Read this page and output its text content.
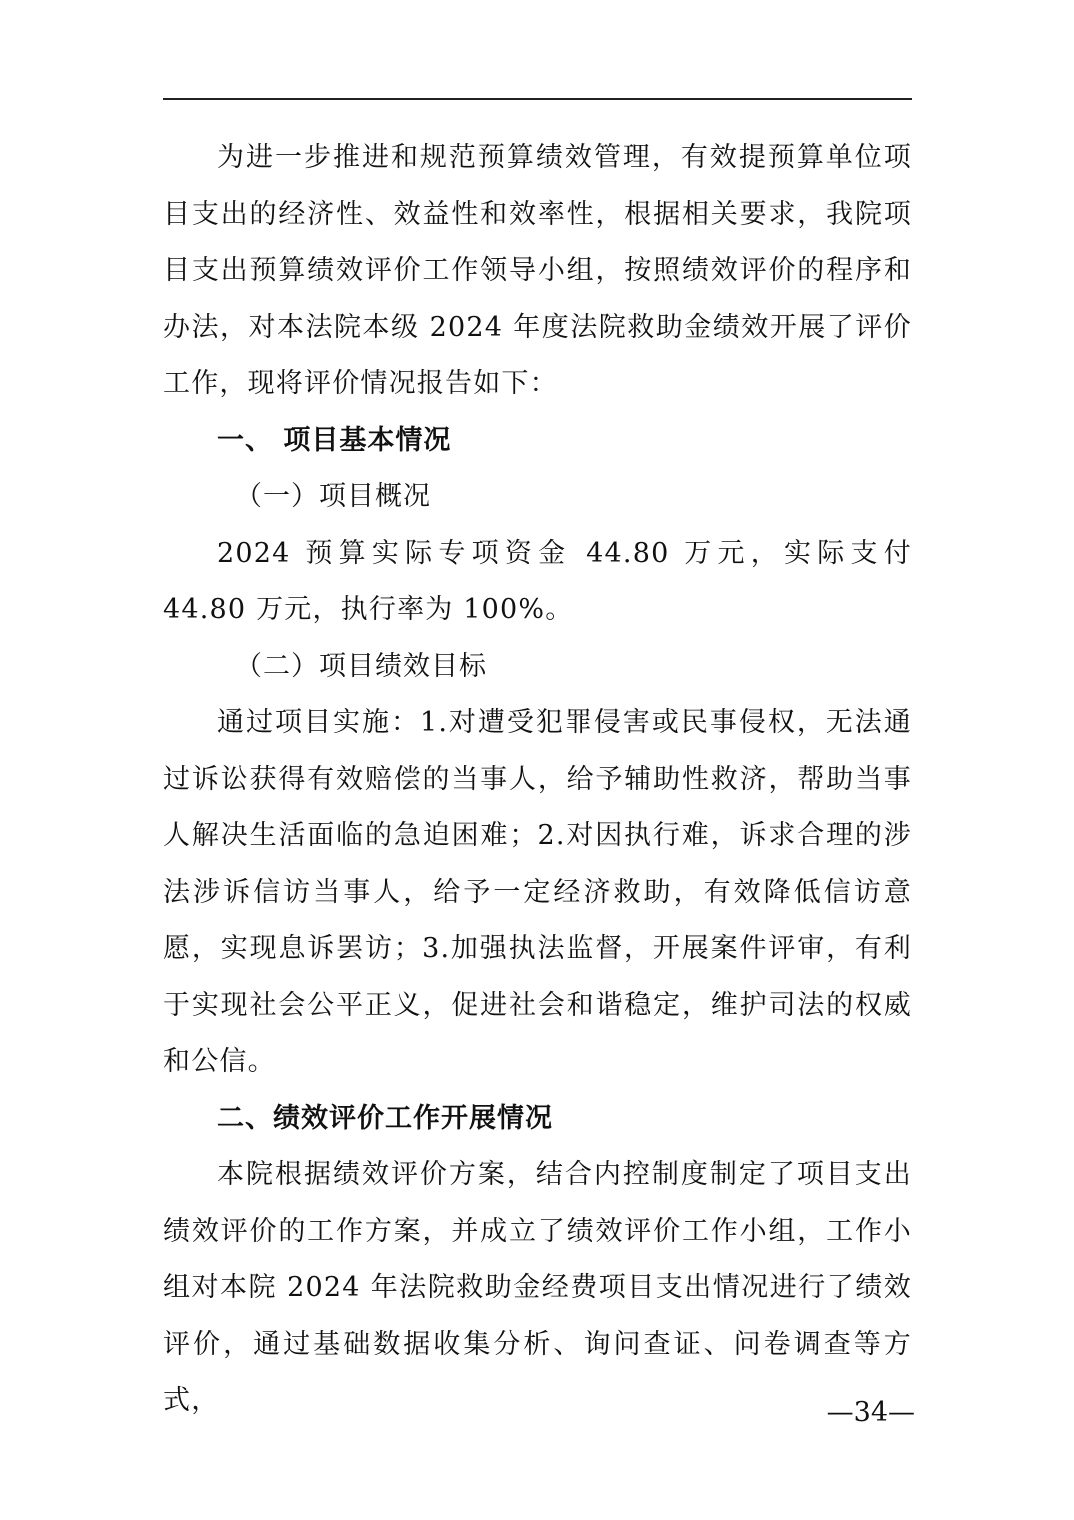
为进一步推进和规范预算绩效管理，有效提预算单位项目支出的经济性、效益性和效率性，根据相关要求，我院项目支出预算绩效评价工作领导小组，按照绩效评价的程序和办法，对本法院本级 2024 年度法院救助金绩效开展了评价工作，现将评价情况报告如下：

一、 项目基本情况

（一）项目概况

2024 预算实际专项资金 44.80 万元，实际支付 44.80 万元，执行率为 100%。

（二）项目绩效目标

通过项目实施：1.对遭受犯罪侵害或民事侵权，无法通过诉讼获得有效赔偿的当事人，给予辅助性救济，帮助当事人解决生活面临的急迫困难；2.对因执行难，诉求合理的涉法涉诉信访当事人，给予一定经济救助，有效降低信访意愿，实现息诉罢访；3.加强执法监督，开展案件评审，有利于实现社会公平正义，促进社会和谐稳定，维护司法的权威和公信。

二、绩效评价工作开展情况

本院根据绩效评价方案，结合内控制度制定了项目支出绩效评价的工作方案，并成立了绩效评价工作小组，工作小组对本院 2024 年法院救助金经费项目支出情况进行了绩效评价，通过基础数据收集分析、询问查证、问卷调查等方式，	—34—
